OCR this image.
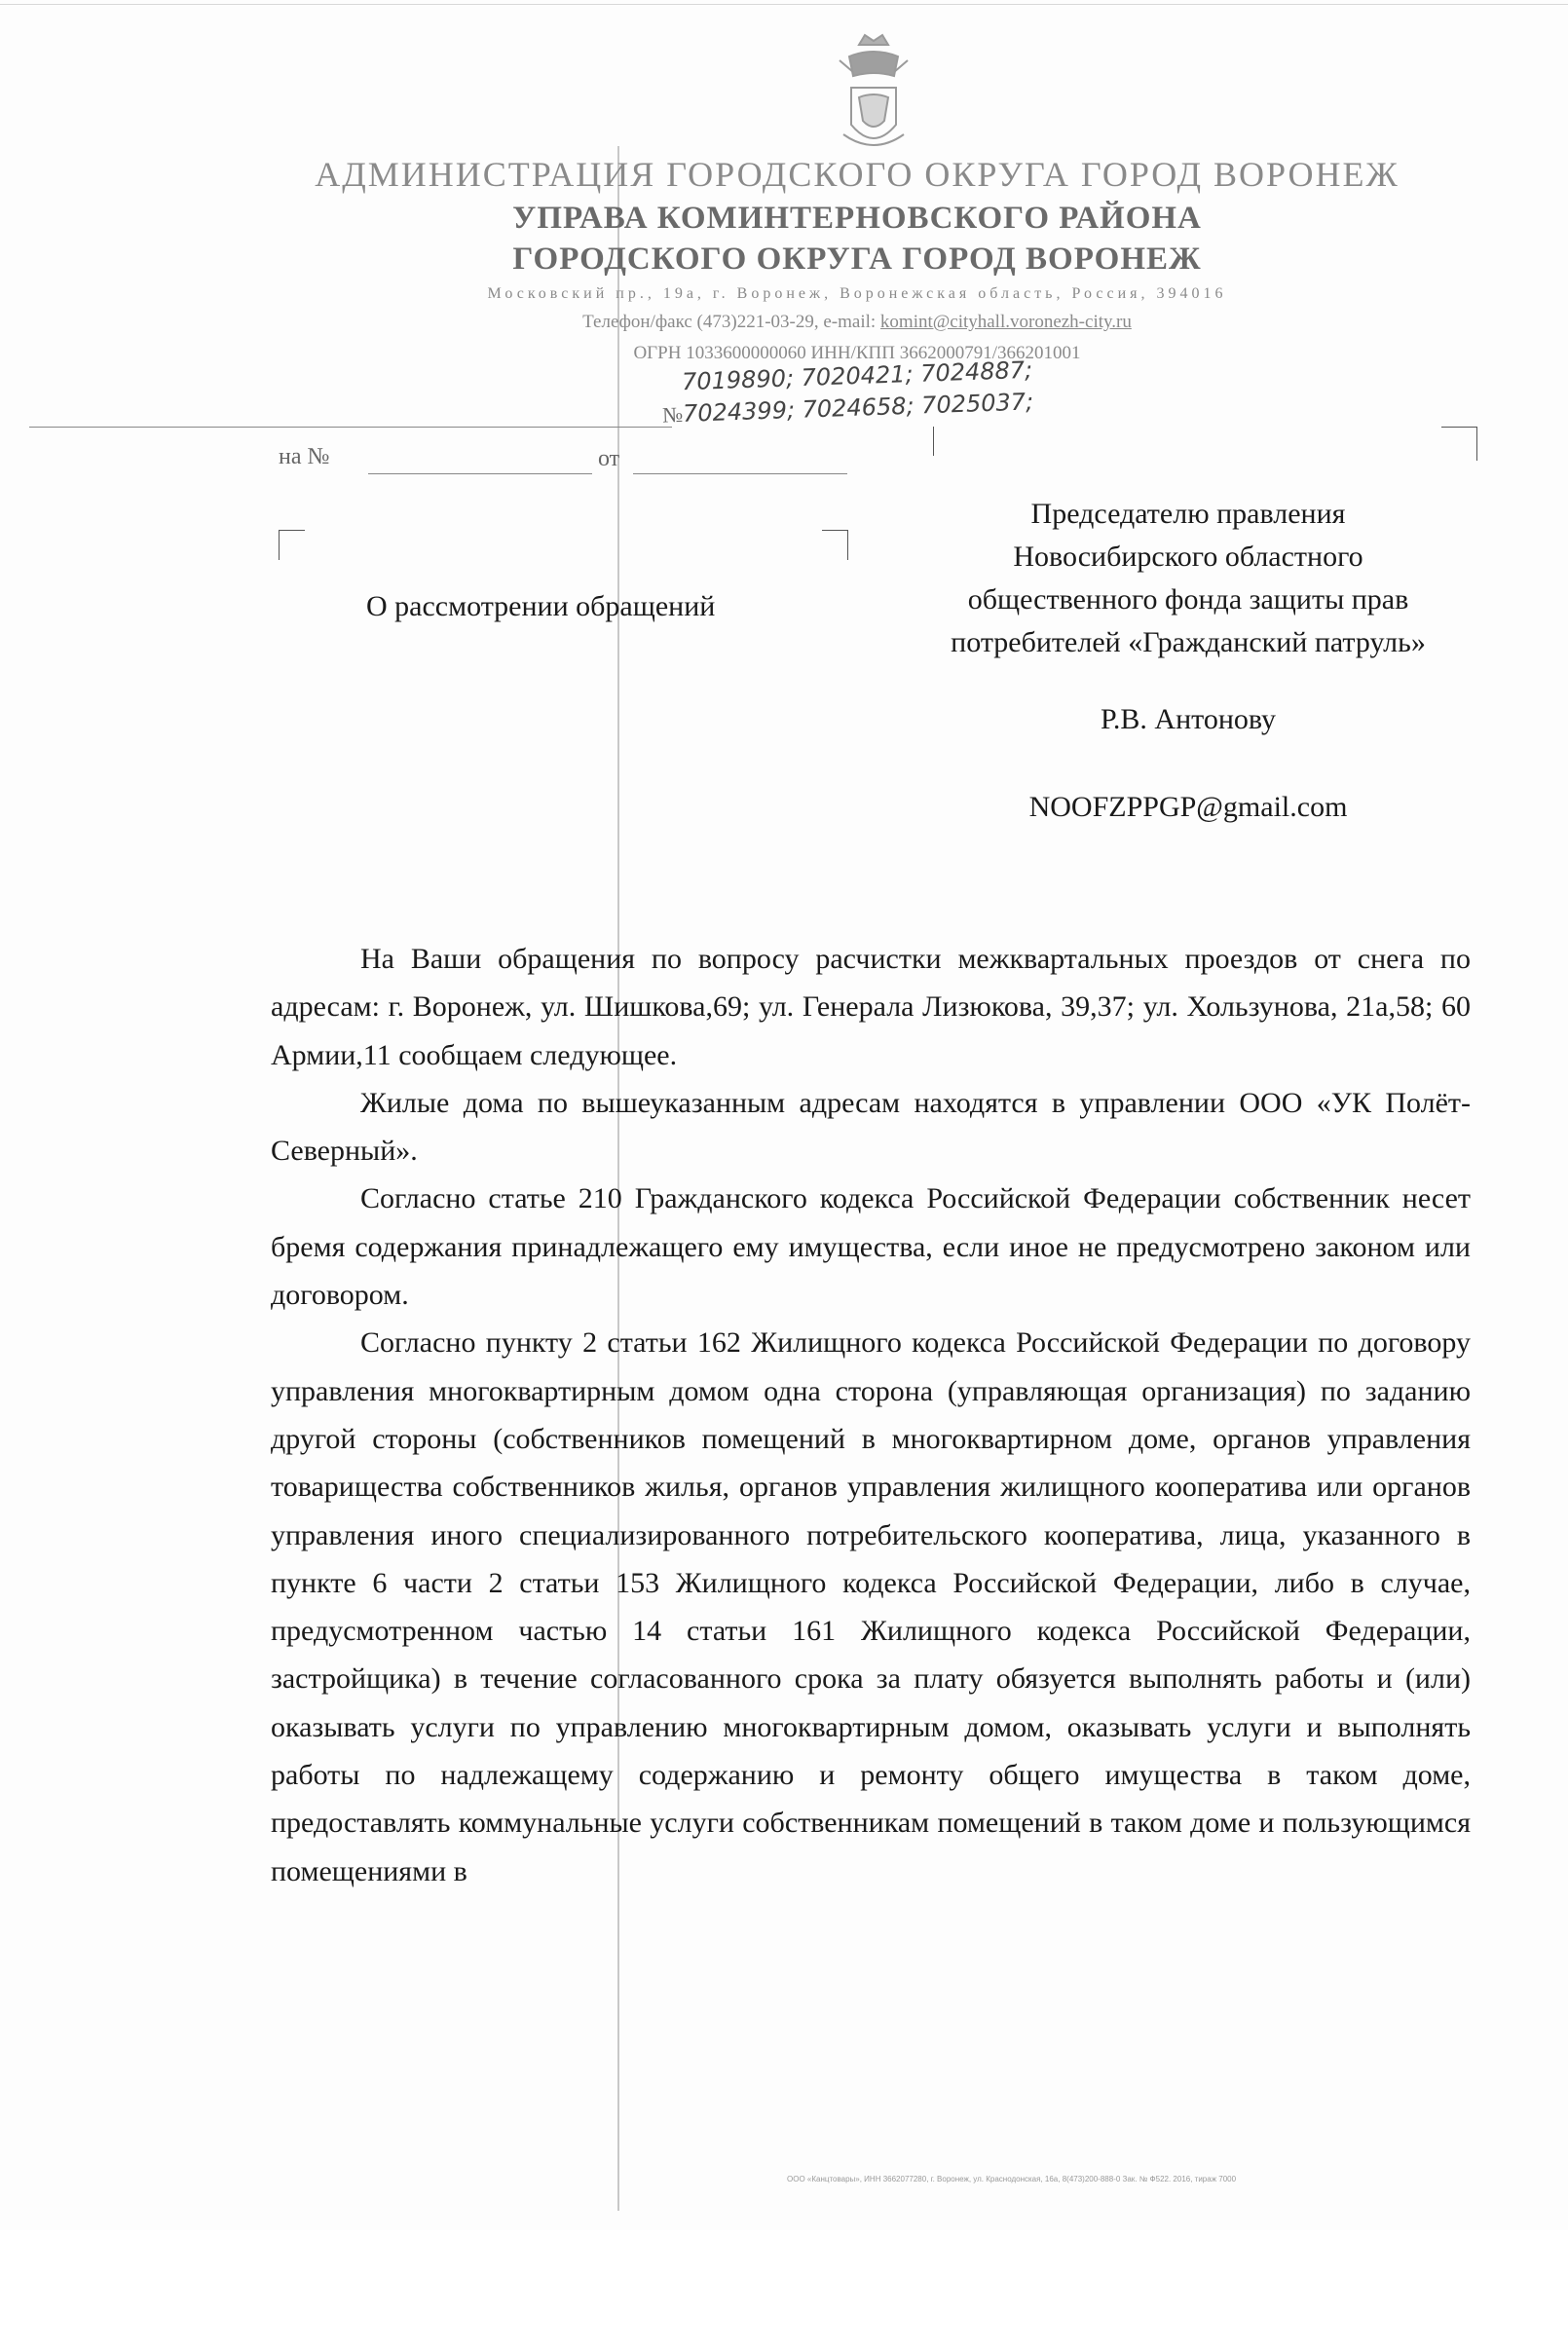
АДМИНИСТРАЦИЯ ГОРОДСКОГО ОКРУГА ГОРОД ВОРОНЕЖ
УПРАВА КОМИНТЕРНОВСКОГО РАЙОНА
ГОРОДСКОГО ОКРУГА ГОРОД ВОРОНЕЖ
Московский пр., 19а, г. Воронеж, Воронежская область, Россия, 394016
Телефон/факс (473)221-03-29, e-mail: komint@cityhall.voronezh-city.ru
ОГРН 1033600000060 ИНН/КПП 3662000791/366201001
7019890; 7020421; 7024887;
№7024399; 7024658; 7025037;
на №	от
О рассмотрении обращений
Председателю правления
Новосибирского областного
общественного фонда защиты прав
потребителей «Гражданский патруль»
Р.В. Антонову
NOOFZPPGP@gmail.com

На Ваши обращения по вопросу расчистки межквартальных проездов от снега по адресам: г. Воронеж, ул. Шишкова,69; ул. Генерала Лизюкова, 39,37; ул. Хользунова, 21а,58; 60 Армии,11 сообщаем следующее.

Жилые дома по вышеуказанным адресам находятся в управлении ООО «УК Полёт-Северный».

Согласно статье 210 Гражданского кодекса Российской Федерации собственник несет бремя содержания принадлежащего ему имущества, если иное не предусмотрено законом или договором.

Согласно пункту 2 статьи 162 Жилищного кодекса Российской Федерации по договору управления многоквартирным домом одна сторона (управляющая организация) по заданию другой стороны (собственников помещений в многоквартирном доме, органов управления товарищества собственников жилья, органов управления жилищного кооператива или органов управления иного специализированного потребительского кооператива, лица, указанного в пункте 6 части 2 статьи 153 Жилищного кодекса Российской Федерации, либо в случае, предусмотренном частью 14 статьи 161 Жилищного кодекса Российской Федерации, застройщика) в течение согласованного срока за плату обязуется выполнять работы и (или) оказывать услуги по управлению многоквартирным домом, оказывать услуги и выполнять работы по надлежащему содержанию и ремонту общего имущества в таком доме, предоставлять коммунальные услуги собственникам помещений в таком доме и пользующимся помещениями в

ООО «Канцтовары», ИНН 3662077280, г. Воронеж, ул. Краснодонская, 16а, 8(473)200-888-0 Зак. № Ф522. 2016, тираж 7000
